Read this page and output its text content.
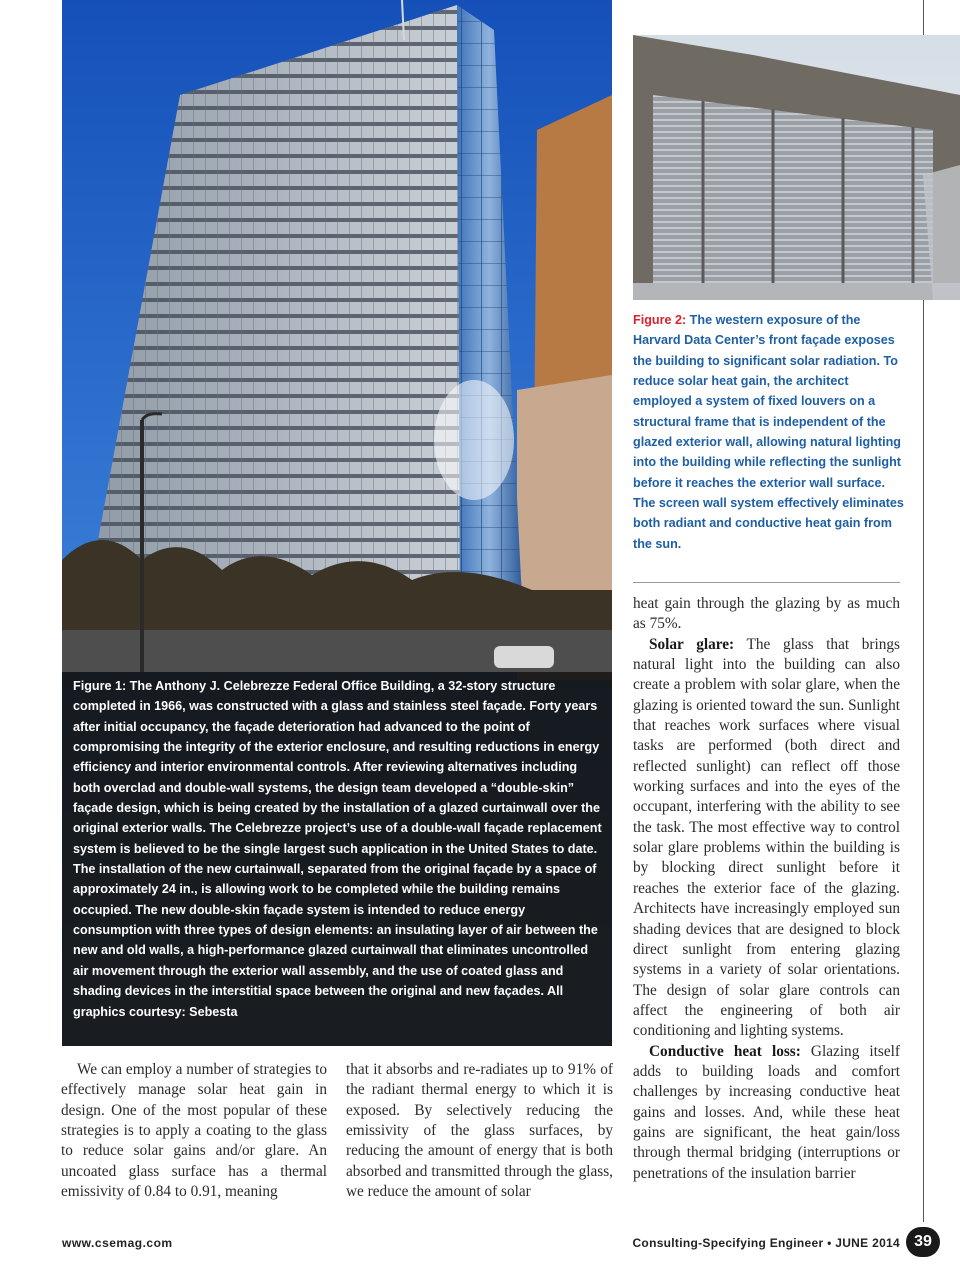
Figure 1: The Anthony J. Celebrezze Federal Office Building, a 32-story structure completed in 1966, was constructed with a glass and stainless steel façade. Forty years after initial occupancy, the façade deterioration had advanced to the point of compromising the integrity of the exterior enclosure, and resulting reductions in energy efficiency and interior environmental controls. After reviewing alternatives including both overclad and double-wall systems, the design team developed a “double-skin” façade design, which is being created by the installation of a glazed curtainwall over the original exterior walls. The Celebrezze project’s use of a double-wall façade replacement system is believed to be the single largest such application in the United States to date. The installation of the new curtainwall, separated from the original façade by a space of approximately 24 in., is allowing work to be completed while the building remains occupied. The new double-skin façade system is intended to reduce energy consumption with three types of design elements: an insulating layer of air between the new and old walls, a high-performance glazed curtainwall that eliminates uncontrolled air movement through the exterior wall assembly, and the use of coated glass and shading devices in the interstitial space between the original and new façades. All graphics courtesy: Sebesta
Figure 2: The western exposure of the Harvard Data Center’s front façade exposes the building to significant solar radiation. To reduce solar heat gain, the architect employed a system of fixed louvers on a structural frame that is independent of the glazed exterior wall, allowing natural lighting into the building while reflecting the sunlight before it reaches the exterior wall surface. The screen wall system effectively eliminates both radiant and conductive heat gain from the sun.

We can employ a number of strategies to effectively manage solar heat gain in design. One of the most popular of these strategies is to apply a coating to the glass to reduce solar gains and/or glare. An uncoated glass surface has a thermal emissivity of 0.84 to 0.91, meaning

that it absorbs and re-radiates up to 91% of the radiant thermal energy to which it is exposed. By selectively reducing the emissivity of the glass surfaces, by reducing the amount of energy that is both absorbed and transmitted through the glass, we reduce the amount of solar

heat gain through the glazing by as much as 75%.

Solar glare: The glass that brings natural light into the building can also create a problem with solar glare, when the glazing is oriented toward the sun. Sunlight that reaches work surfaces where visual tasks are performed (both direct and reflected sunlight) can reflect off those working surfaces and into the eyes of the occupant, interfering with the ability to see the task. The most effective way to control solar glare problems within the building is by blocking direct sunlight before it reaches the exterior face of the glazing. Architects have increasingly employed sun shading devices that are designed to block direct sunlight from entering glazing systems in a variety of solar orientations. The design of solar glare controls can affect the engineering of both air conditioning and lighting systems.

Conductive heat loss: Glazing itself adds to building loads and comfort challenges by increasing conductive heat gains and losses. And, while these heat gains are significant, the heat gain/loss through thermal bridging (interruptions or penetrations of the insulation barrier

www.csemag.com	Consulting-Specifying Engineer • JUNE 2014 39
